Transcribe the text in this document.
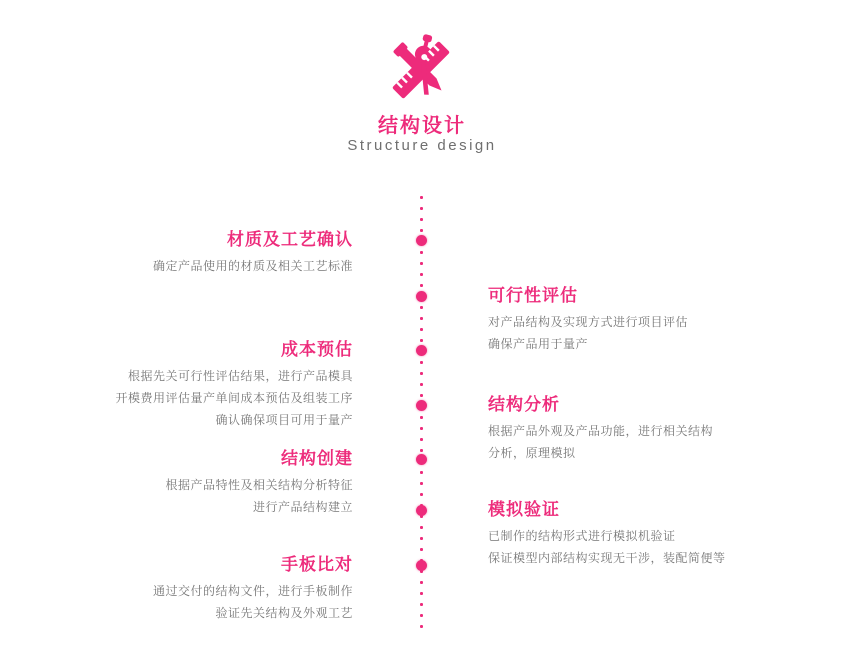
结构设计
Structure design
材质及工艺确认

确定产品使用的材质及相关工艺标准

可行性评估

对产品结构及实现方式进行项目评估

确保产品用于量产

成本预估

根据先关可行性评估结果，进行产品模具

开模费用评估量产单间成本预估及组装工序

确认确保项目可用于量产

结构分析

根据产品外观及产品功能，进行相关结构

分析，原理模拟

结构创建

根据产品特性及相关结构分析特征

进行产品结构建立	模拟验证

已制作的结构形式进行模拟机验证

保证模型内部结构实现无干涉，装配简便等

手板比对

通过交付的结构文件，进行手板制作

验证先关结构及外观工艺
